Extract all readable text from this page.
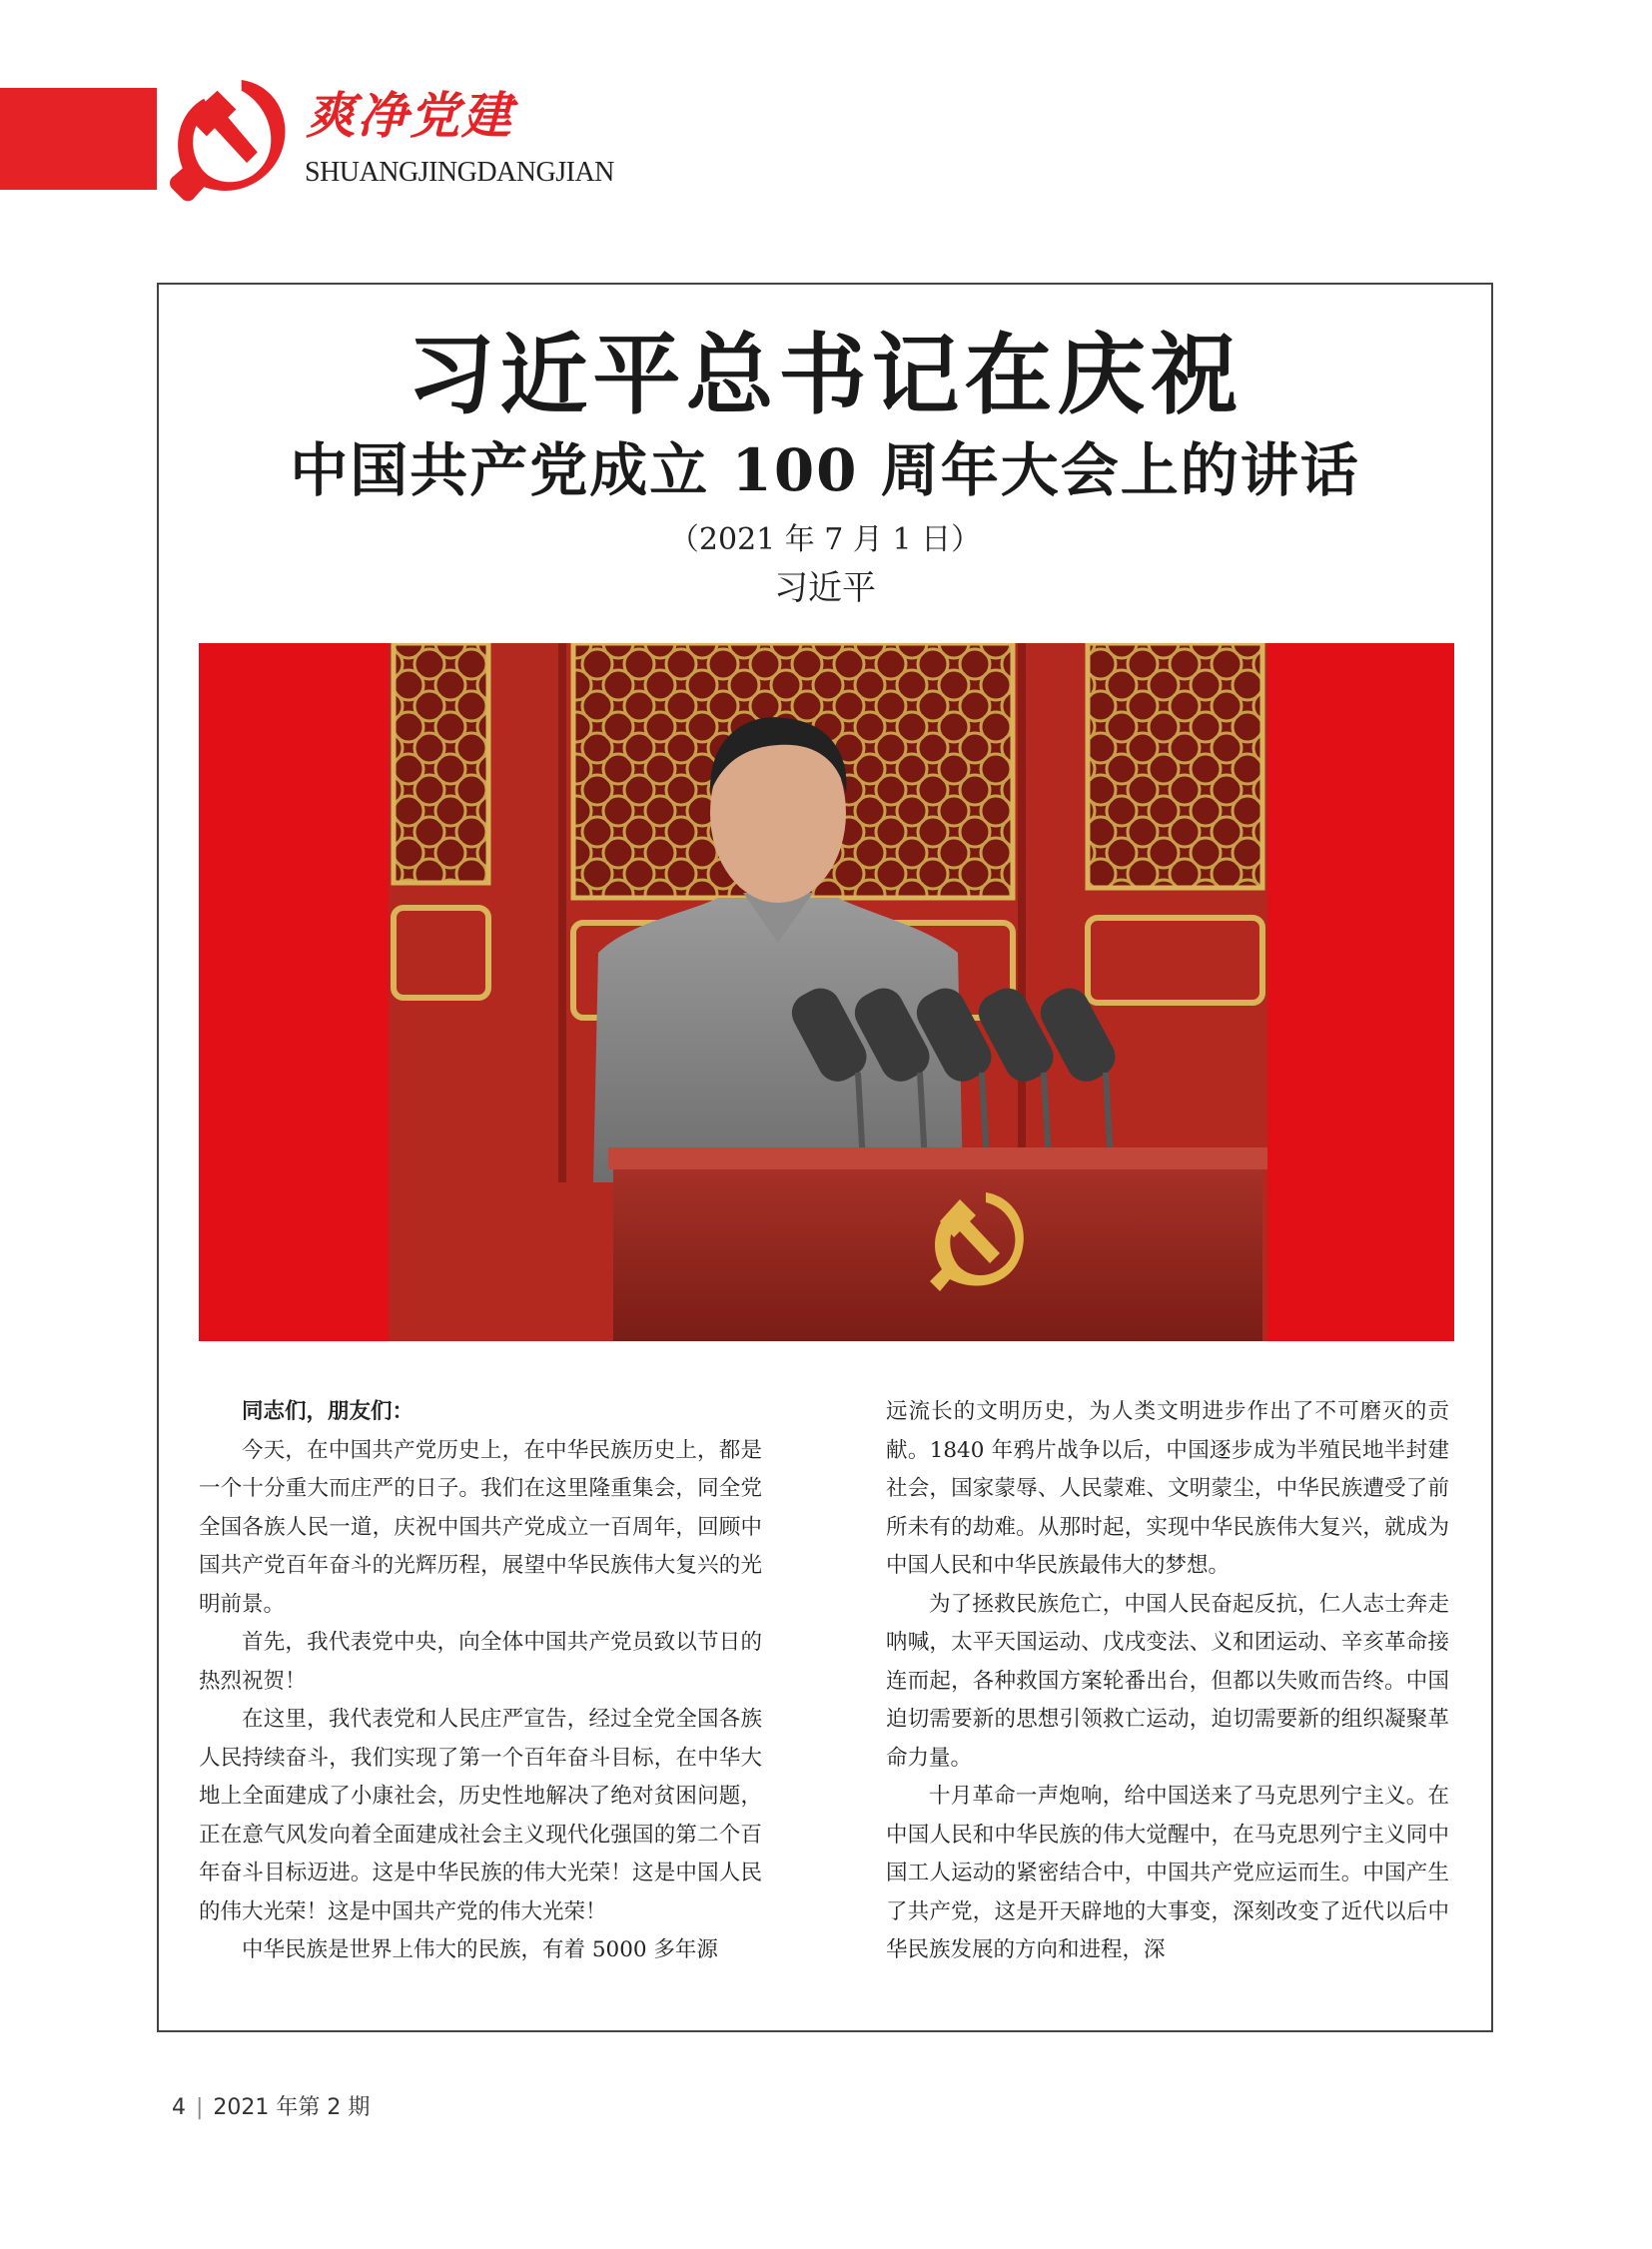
爽净党建

SHUANGJINGDANGJIAN

习近平总书记在庆祝
中国共产党成立 100 周年大会上的讲话

（2021 年 7 月 1 日）

习近平

同志们，朋友们：

今天，在中国共产党历史上，在中华民族历史上，都是一个十分重大而庄严的日子。我们在这里隆重集会，同全党全国各族人民一道，庆祝中国共产党成立一百周年，回顾中国共产党百年奋斗的光辉历程，展望中华民族伟大复兴的光明前景。

首先，我代表党中央，向全体中国共产党员致以节日的热烈祝贺！

在这里，我代表党和人民庄严宣告，经过全党全国各族人民持续奋斗，我们实现了第一个百年奋斗目标，在中华大地上全面建成了小康社会，历史性地解决了绝对贫困问题，正在意气风发向着全面建成社会主义现代化强国的第二个百年奋斗目标迈进。这是中华民族的伟大光荣！这是中国人民的伟大光荣！这是中国共产党的伟大光荣！

中华民族是世界上伟大的民族，有着 5000 多年源

远流长的文明历史，为人类文明进步作出了不可磨灭的贡献。1840 年鸦片战争以后，中国逐步成为半殖民地半封建社会，国家蒙辱、人民蒙难、文明蒙尘，中华民族遭受了前所未有的劫难。从那时起，实现中华民族伟大复兴，就成为中国人民和中华民族最伟大的梦想。

为了拯救民族危亡，中国人民奋起反抗，仁人志士奔走呐喊，太平天国运动、戊戌变法、义和团运动、辛亥革命接连而起，各种救国方案轮番出台，但都以失败而告终。中国迫切需要新的思想引领救亡运动，迫切需要新的组织凝聚革命力量。

十月革命一声炮响，给中国送来了马克思列宁主义。在中国人民和中华民族的伟大觉醒中，在马克思列宁主义同中国工人运动的紧密结合中，中国共产党应运而生。中国产生了共产党，这是开天辟地的大事变，深刻改变了近代以后中华民族发展的方向和进程，深

4 | 2021 年第 2 期
